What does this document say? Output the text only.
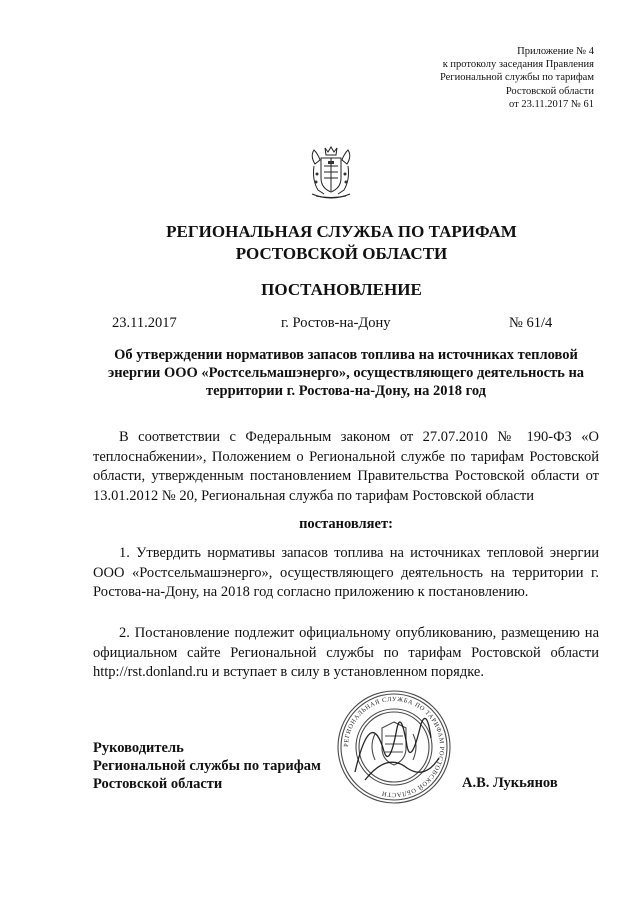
Приложение № 4
к протоколу заседания Правления
Региональной службы по тарифам
Ростовской области
от 23.11.2017 № 61
РЕГИОНАЛЬНАЯ СЛУЖБА ПО ТАРИФАМ
РОСТОВСКОЙ ОБЛАСТИ
ПОСТАНОВЛЕНИЕ
23.11.2017	г. Ростов-на-Дону	№ 61/4
Об утверждении нормативов запасов топлива на источниках тепловой энергии ООО «Ростсельмашэнерго», осуществляющего деятельность на территории г. Ростова-на-Дону, на 2018 год
В соответствии с Федеральным законом от 27.07.2010 № 190-ФЗ «О теплоснабжении», Положением о Региональной службе по тарифам Ростовской области, утвержденным постановлением Правительства Ростовской области от 13.01.2012 № 20, Региональная служба по тарифам Ростовской области
постановляет:
1. Утвердить нормативы запасов топлива на источниках тепловой энергии ООО «Ростсельмашэнерго», осуществляющего деятельность на территории г. Ростова-на-Дону, на 2018 год согласно приложению к постановлению.
2. Постановление подлежит официальному опубликованию, размещению на официальном сайте Региональной службы по тарифам Ростовской области http://rst.donland.ru и вступает в силу в установленном порядке.
Руководитель
Региональной службы по тарифам
Ростовской области	А.В. Лукьянов
РЕГИОНАЛЬНАЯ СЛУЖБА ПО ТАРИФАМ РОСТОВСКОЙ ОБЛАСТИ
